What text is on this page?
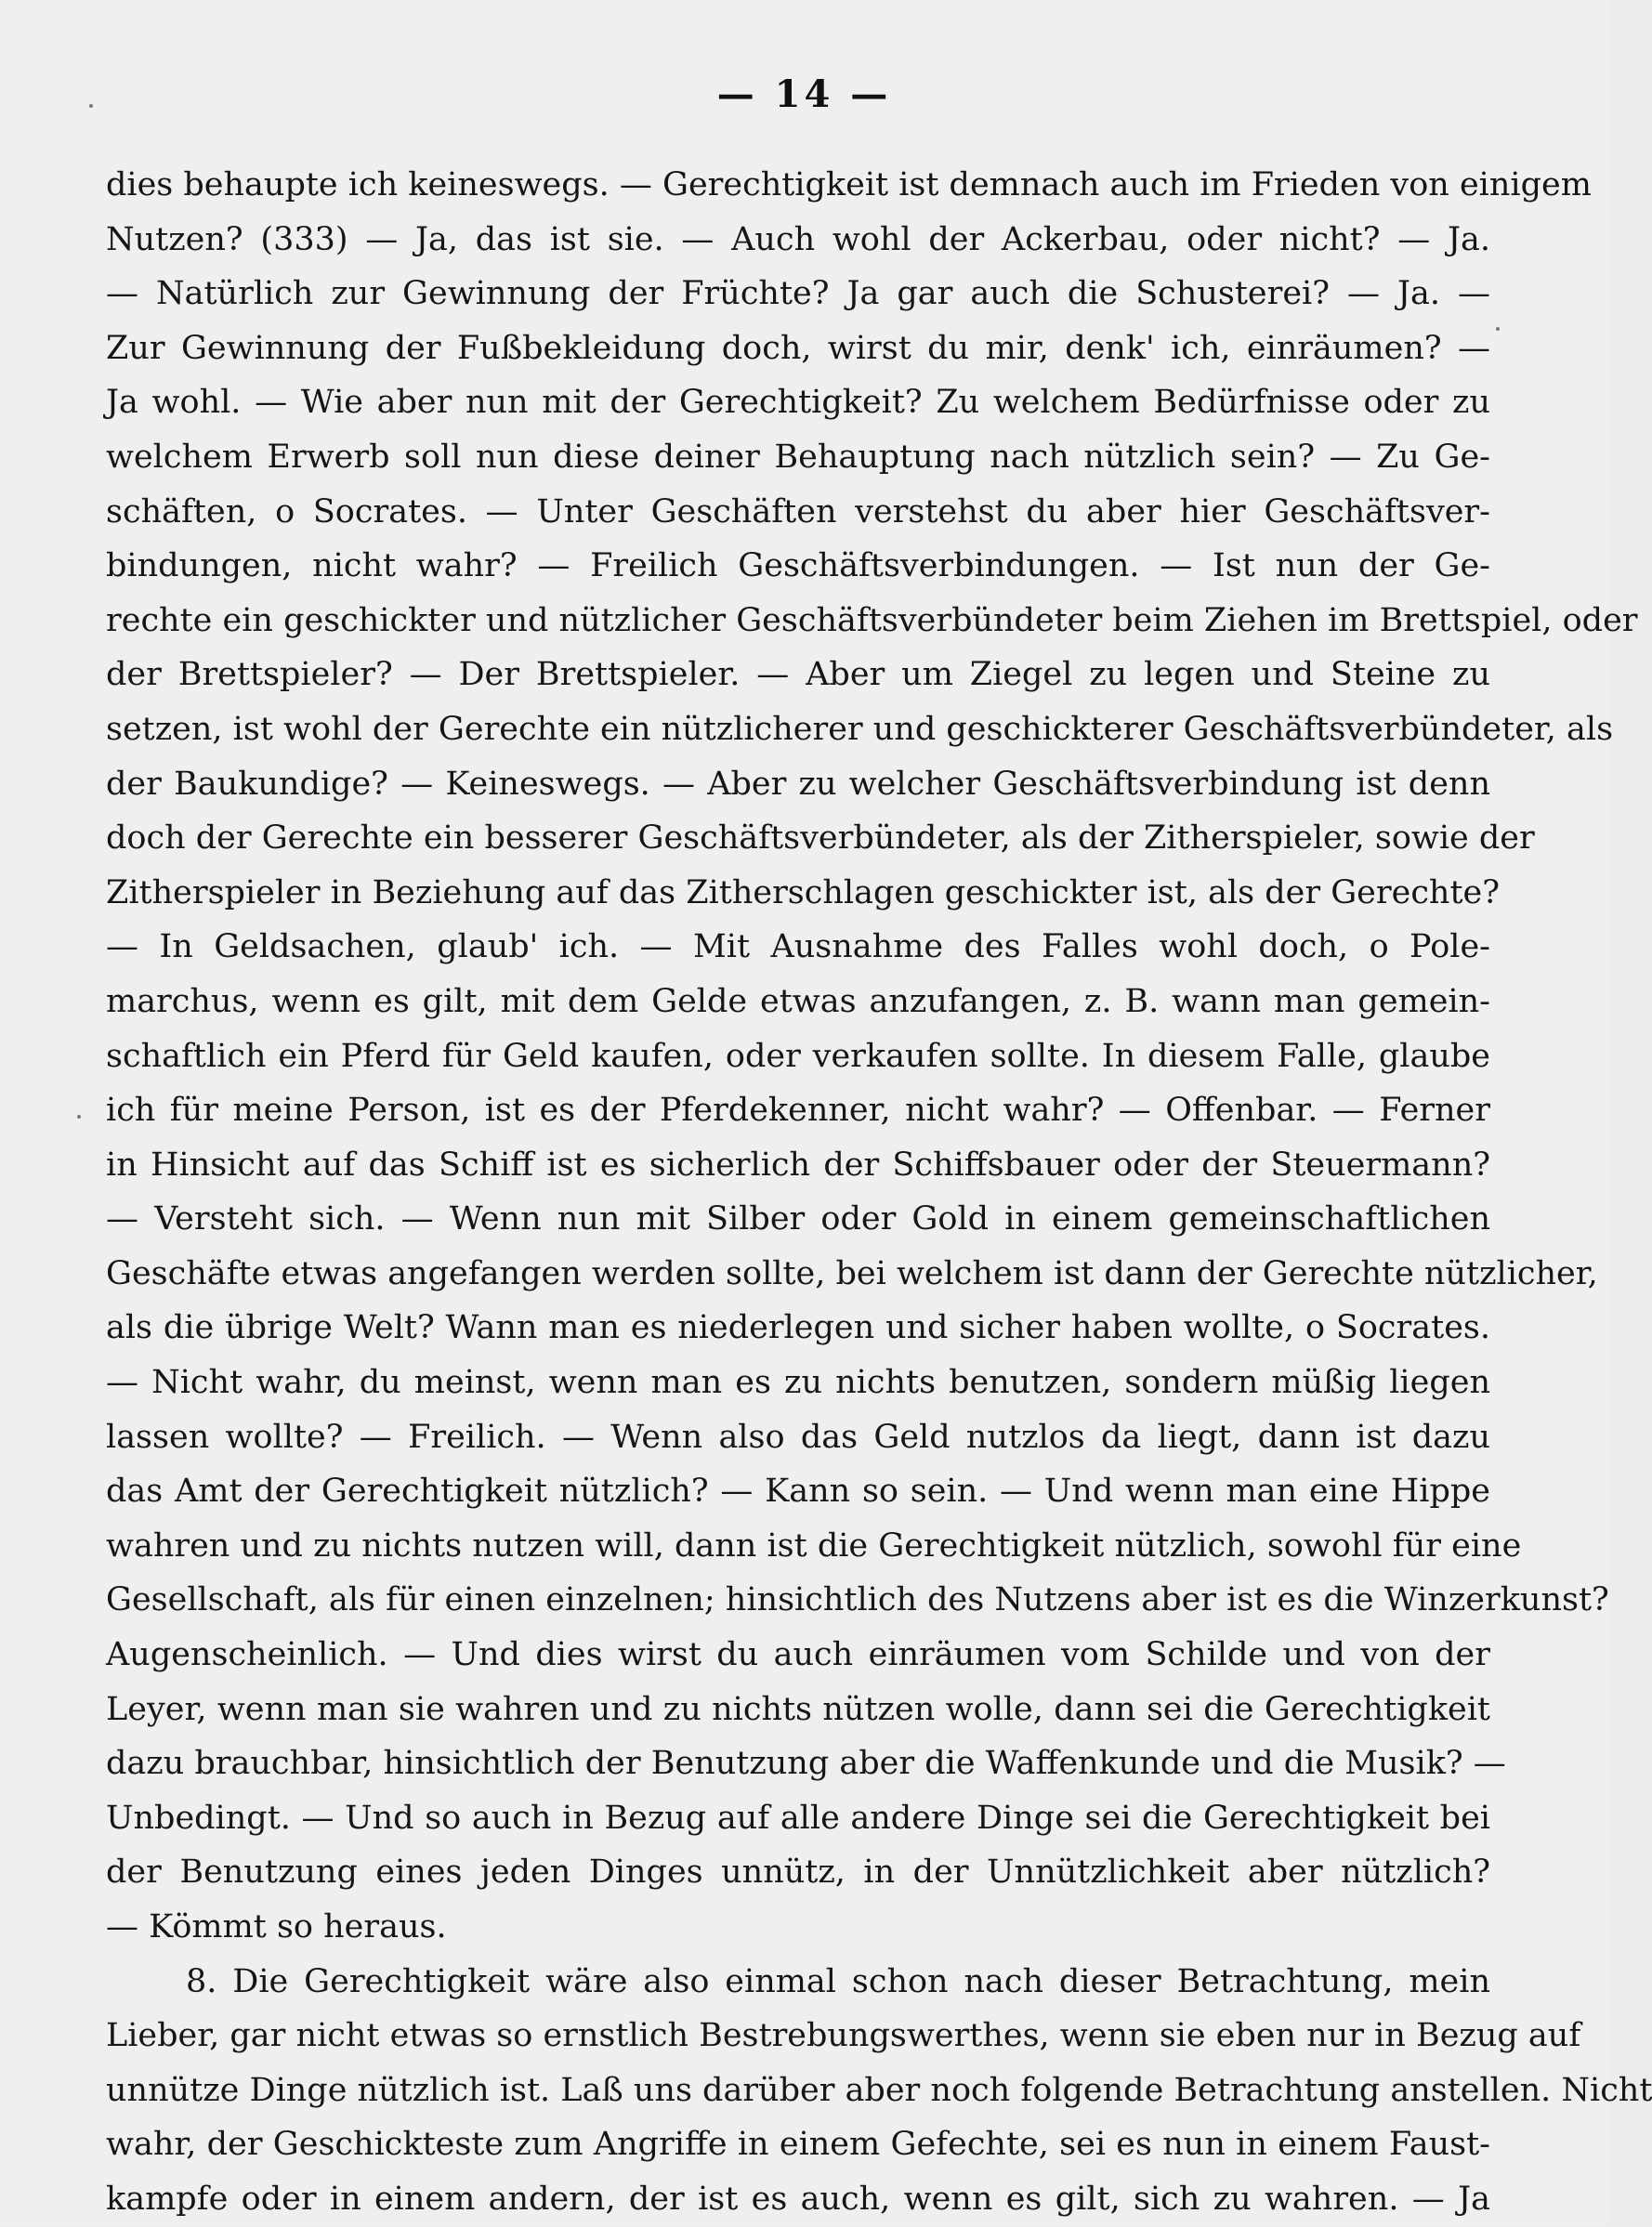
— 14 —
dies behaupte ich keineswegs. — Gerechtigkeit ist demnach auch im Frieden von einigem
Nutzen? (333) — Ja, das ist sie. — Auch wohl der Ackerbau, oder nicht? — Ja.
— Natürlich zur Gewinnung der Früchte? Ja gar auch die Schusterei? — Ja. —
Zur Gewinnung der Fußbekleidung doch, wirst du mir, denk' ich, einräumen? —
Ja wohl. — Wie aber nun mit der Gerechtigkeit? Zu welchem Bedürfnisse oder zu
welchem Erwerb soll nun diese deiner Behauptung nach nützlich sein? — Zu Ge-
schäften, o Socrates. — Unter Geschäften verstehst du aber hier Geschäftsver-
bindungen, nicht wahr? — Freilich Geschäftsverbindungen. — Ist nun der Ge-
rechte ein geschickter und nützlicher Geschäftsverbündeter beim Ziehen im Brettspiel, oder
der Brettspieler? — Der Brettspieler. — Aber um Ziegel zu legen und Steine zu
setzen, ist wohl der Gerechte ein nützlicherer und geschickterer Geschäftsverbündeter, als
der Baukundige? — Keineswegs. — Aber zu welcher Geschäftsverbindung ist denn
doch der Gerechte ein besserer Geschäftsverbündeter, als der Zitherspieler, sowie der
Zitherspieler in Beziehung auf das Zitherschlagen geschickter ist, als der Gerechte?
— In Geldsachen, glaub' ich. — Mit Ausnahme des Falles wohl doch, o Pole-
marchus, wenn es gilt, mit dem Gelde etwas anzufangen, z. B. wann man gemein-
schaftlich ein Pferd für Geld kaufen, oder verkaufen sollte. In diesem Falle, glaube
ich für meine Person, ist es der Pferdekenner, nicht wahr? — Offenbar. — Ferner
in Hinsicht auf das Schiff ist es sicherlich der Schiffsbauer oder der Steuermann?
— Versteht sich. — Wenn nun mit Silber oder Gold in einem gemeinschaftlichen
Geschäfte etwas angefangen werden sollte, bei welchem ist dann der Gerechte nützlicher,
als die übrige Welt? Wann man es niederlegen und sicher haben wollte, o Socrates.
— Nicht wahr, du meinst, wenn man es zu nichts benutzen, sondern müßig liegen
lassen wollte? — Freilich. — Wenn also das Geld nutzlos da liegt, dann ist dazu
das Amt der Gerechtigkeit nützlich? — Kann so sein. — Und wenn man eine Hippe
wahren und zu nichts nutzen will, dann ist die Gerechtigkeit nützlich, sowohl für eine
Gesellschaft, als für einen einzelnen; hinsichtlich des Nutzens aber ist es die Winzerkunst?
Augenscheinlich. — Und dies wirst du auch einräumen vom Schilde und von der
Leyer, wenn man sie wahren und zu nichts nützen wolle, dann sei die Gerechtigkeit
dazu brauchbar, hinsichtlich der Benutzung aber die Waffenkunde und die Musik? —
Unbedingt. — Und so auch in Bezug auf alle andere Dinge sei die Gerechtigkeit bei
der Benutzung eines jeden Dinges unnütz, in der Unnützlichkeit aber nützlich?
— Kömmt so heraus.
8. Die Gerechtigkeit wäre also einmal schon nach dieser Betrachtung, mein
Lieber, gar nicht etwas so ernstlich Bestrebungswerthes, wenn sie eben nur in Bezug auf
unnütze Dinge nützlich ist. Laß uns darüber aber noch folgende Betrachtung anstellen. Nicht
wahr, der Geschickteste zum Angriffe in einem Gefechte, sei es nun in einem Faust-
kampfe oder in einem andern, der ist es auch, wenn es gilt, sich zu wahren. — Ja
